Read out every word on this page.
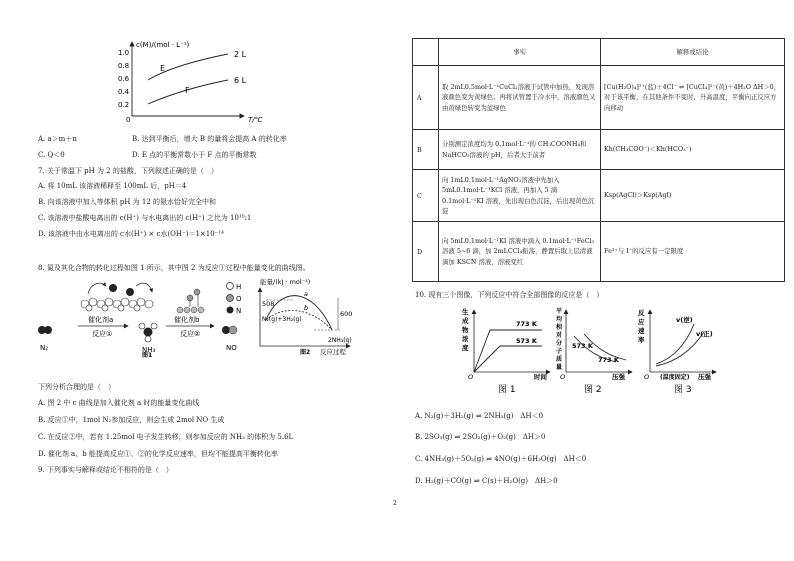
1.0
0.8
0.6
0.4
0.2
0
c(M)/(mol · L⁻¹)
T/℃
2 L
6 L
E
F
A. a＞m＋n	B. 达到平衡后，增大 B 的量将会提高 A 的转化率
C. Q＜0	D. E 点的平衡常数小于 F 点的平衡常数
7. 关于常温下 pH 为 2 的盐酸，下列叙述正确的是（　）
A. 将 10mL 该溶液稀释至 100mL 后，pH＝4
B. 向该溶液中加入等体积 pH 为 12 的氨水恰好完全中和
C. 该溶液中盐酸电离出的 c(H⁺) 与水电离出的 c(H⁺) 之比为 10¹⁰:1
D. 该溶液中由水电离出的 c水(H⁺) × c水(OH⁻)＝1×10⁻¹⁴
8. 氮及其化合物的转化过程如图 1 所示，其中图 2 为反应①过程中能量变化的曲线图。
H
O
N
催化剂a
反应①
催化剂b
反应②
N₂	NH₃	NO
图1
能量/(kJ · mol⁻¹)
508
600
a
b
N₂(g)+3H₂(g)
2NH₃(g)
反应过程
图2
下列分析合理的是（　）
A. 图 2 中 c 曲线是加入催化剂 a 时的能量变化曲线
B. 反应①中，1mol N₂参加反应，则会生成 2mol NO 生成
C. 在反应②中，若有 1.25mol 电子发生转移，则参加反应的 NH₃ 的体积为 5.6L
D. 催化剂 a、b 能提高反应①、②的化学反应速率，但均不能提高平衡转化率
9. 下列事实与解释或结论不相符的是（　）
	事实	解释或结论
A	取 2mL0.5mol·L⁻¹CuCl₂溶液于试管中加热，发现溶液颜色变为黄绿色；再将试管置于冷水中，溶液颜色又由黄绿色转变为蓝绿色	[Cu(H₂O)₄]²⁺(蓝)＋4Cl⁻ ⇌ [CuCl₄]²⁻(黄)＋4H₂O ΔH＞0，对于该平衡，在其他条件不变时，升高温度，平衡向正反应方向移动
B	分别测定浓度均为 0.1mol·L⁻¹的 CH₃COONH₄和 NaHCO₃溶液的 pH，后者大于前者	Kh(CH₃COO⁻)＜Kh(HCO₃⁻)
C	向 1mL0.1mol·L⁻¹AgNO₃溶液中先加入 5mL0.1mol·L⁻¹KCl 溶液，再加入 5 滴 0.1mol·L⁻¹KI 溶液，先出现白色沉淀，后出现黄色沉淀	Ksp(AgCl)＞Ksp(AgI)
D	向 5mL0.1mol·L⁻¹KI 溶液中滴入 0.1mol·L⁻¹FeCl₃溶液 5~6 滴，加 2mLCCl₄振荡，静置后取上层清液滴加 KSCN 溶液，溶液变红	Fe³⁺与 I⁻的反应有一定限度
10. 现有三个图像，下列反应中符合全部图像的反应是（　）
生
成
物
浓
度
773 K
573 K
O	时间
图 1
平
均
相
对
分
子
质
量
573 K
773 K
O	压强
图 2
反
应
速
率
v(逆)
v(正)
O (温度固定) 压强
图 3
A. N₂(g)＋3H₂(g) ⇌ 2NH₃(g)　ΔH＜0
B. 2SO₃(g) ⇌ 2SO₂(g)＋O₂(g)　ΔH＞0
C. 4NH₃(g)＋5O₂(g) ⇌ 4NO(g)＋6H₂O(g)　ΔH＜0
D. H₂(g)＋CO(g) ⇌ C(s)＋H₂O(g)　ΔH＞0
2
